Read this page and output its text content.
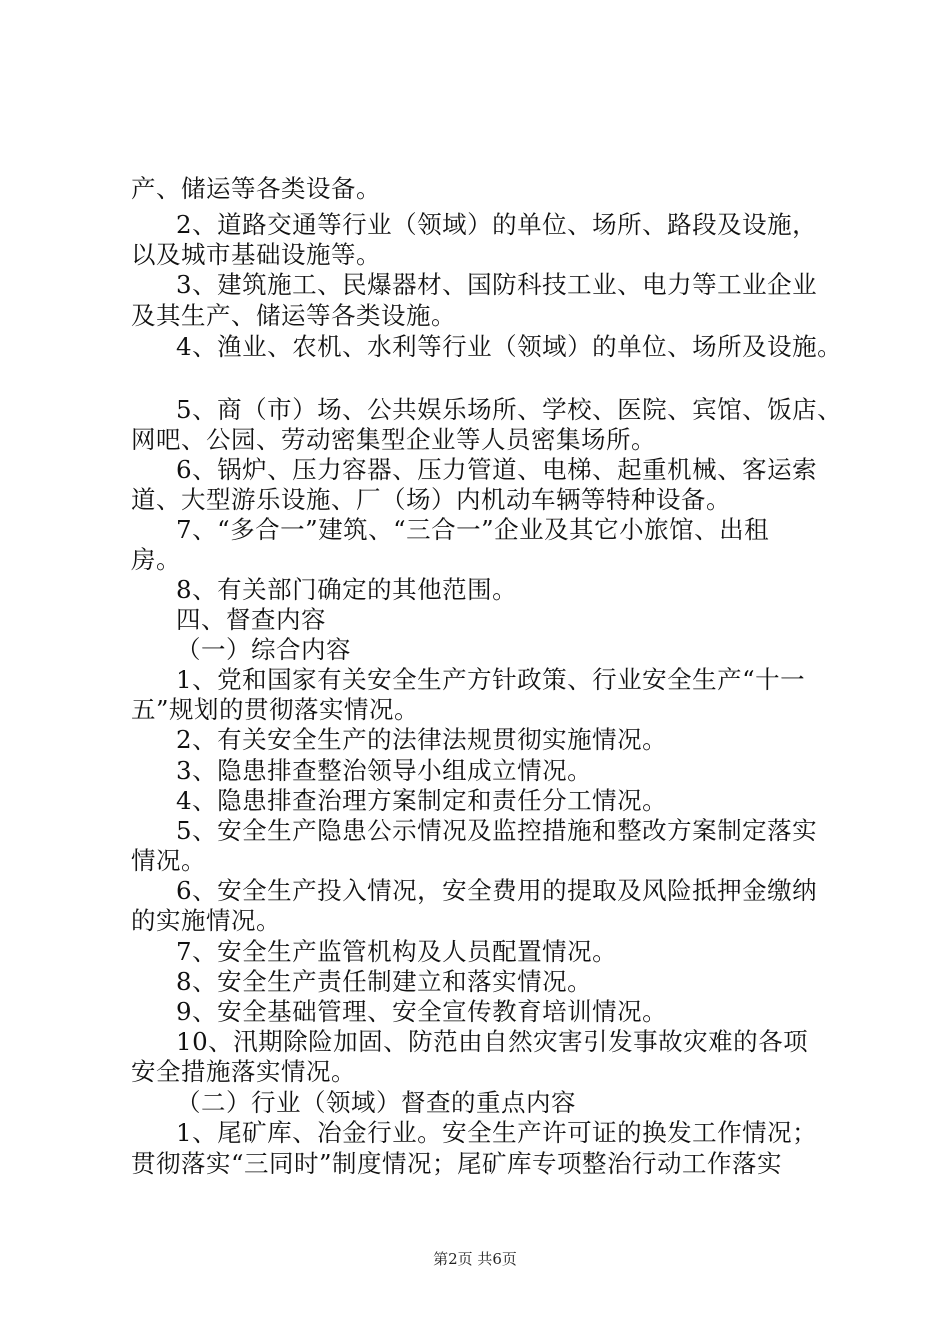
产、储运等各类设备。
2、道路交通等行业（领域）的单位、场所、路段及设施，
以及城市基础设施等。
3、建筑施工、民爆器材、国防科技工业、电力等工业企业
及其生产、储运等各类设施。
4、渔业、农机、水利等行业（领域）的单位、场所及设施。
5、商（市）场、公共娱乐场所、学校、医院、宾馆、饭店、
网吧、公园、劳动密集型企业等人员密集场所。
6、锅炉、压力容器、压力管道、电梯、起重机械、客运索
道、大型游乐设施、厂（场）内机动车辆等特种设备。
7、“多合一”建筑、“三合一”企业及其它小旅馆、出租
房。
8、有关部门确定的其他范围。
四、督查内容
（一）综合内容
1、党和国家有关安全生产方针政策、行业安全生产“十一
五”规划的贯彻落实情况。
2、有关安全生产的法律法规贯彻实施情况。
3、隐患排查整治领导小组成立情况。
4、隐患排查治理方案制定和责任分工情况。
5、安全生产隐患公示情况及监控措施和整改方案制定落实
情况。
6、安全生产投入情况，安全费用的提取及风险抵押金缴纳
的实施情况。
7、安全生产监管机构及人员配置情况。
8、安全生产责任制建立和落实情况。
9、安全基础管理、安全宣传教育培训情况。
10、汛期除险加固、防范由自然灾害引发事故灾难的各项
安全措施落实情况。
（二）行业（领域）督查的重点内容
1、尾矿库、冶金行业。安全生产许可证的换发工作情况；
贯彻落实“三同时”制度情况；尾矿库专项整治行动工作落实
第2页 共6页
